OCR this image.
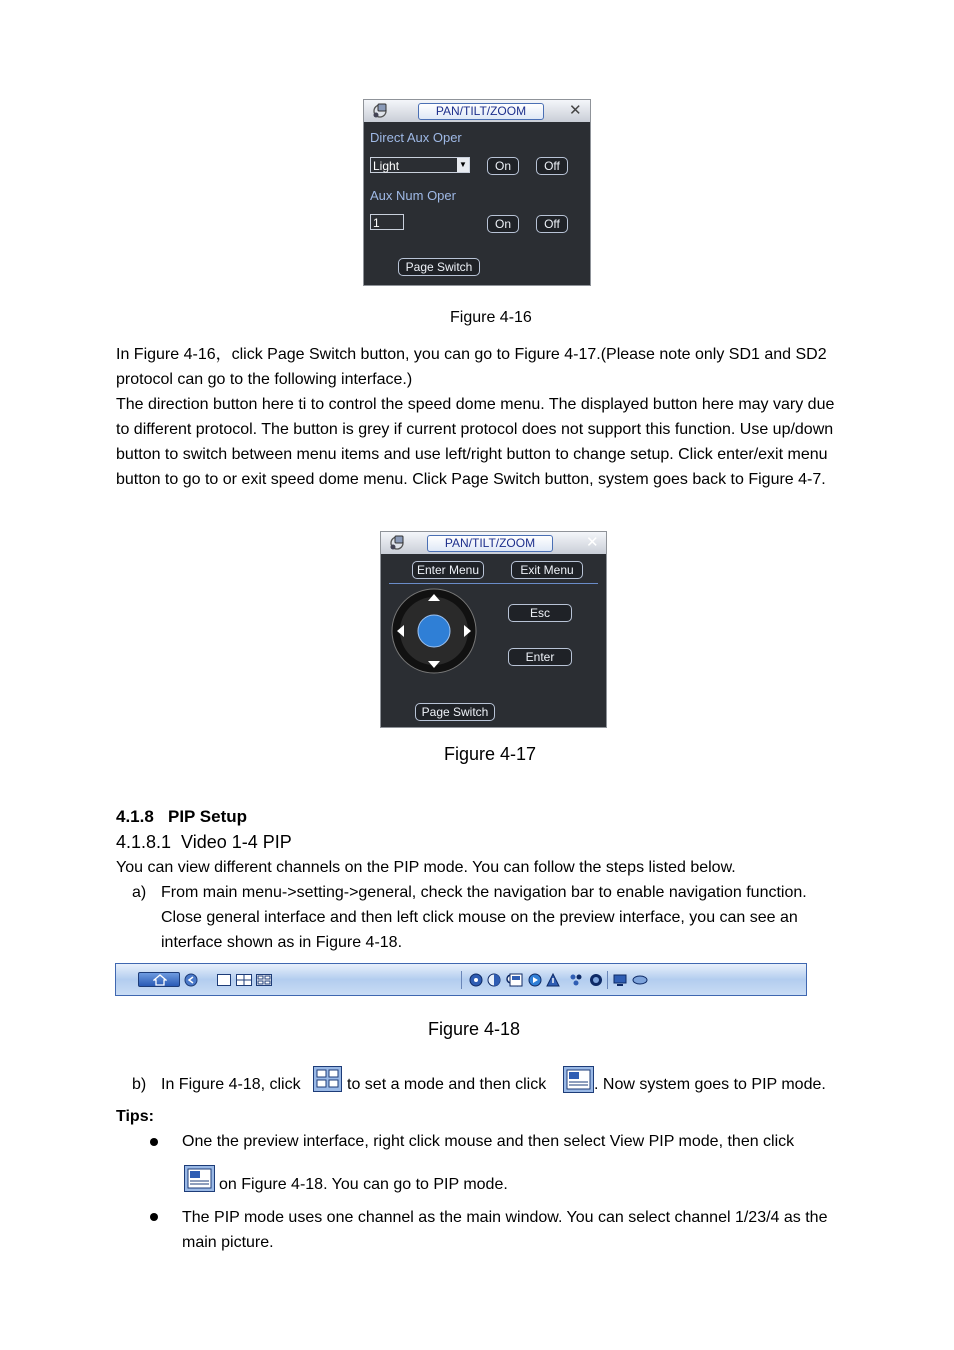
PAN/TILT/ZOOM	✕
Direct Aux Oper
Light	▼	On	Off
Aux Num Oper
1	On	Off
Page Switch
Figure 4-16
In Figure 4-16，click Page Switch button, you can go to Figure 4-17.(Please note only SD1 and SD2 protocol can go to the following interface.)
The direction button here ti to control the speed dome menu. The displayed button here may vary due to different protocol. The button is grey if current protocol does not support this function. Use up/down button to switch between menu items and use left/right button to change setup. Click enter/exit menu button to go to or exit speed dome menu. Click Page Switch button, system goes back to Figure 4-7.
PAN/TILT/ZOOM	✕
Enter Menu	Exit Menu
Esc
Enter
Page Switch
Figure 4-17
4.1.8   PIP Setup
4.1.8.1  Video 1-4 PIP
You can view different channels on the PIP mode. You can follow the steps listed below.
a) From main menu->setting->general, check the navigation bar to enable navigation function. Close general interface and then left click mouse on the preview interface, you can see an interface shown as in Figure 4-18.
Figure 4-18
b) In Figure 4-18, click	to set a mode and then click	. Now system goes to PIP mode.
Tips:
One the preview interface, right click mouse and then select View PIP mode, then click
on Figure 4-18. You can go to PIP mode.
The PIP mode uses one channel as the main window. You can select channel 1/23/4 as the main picture.
